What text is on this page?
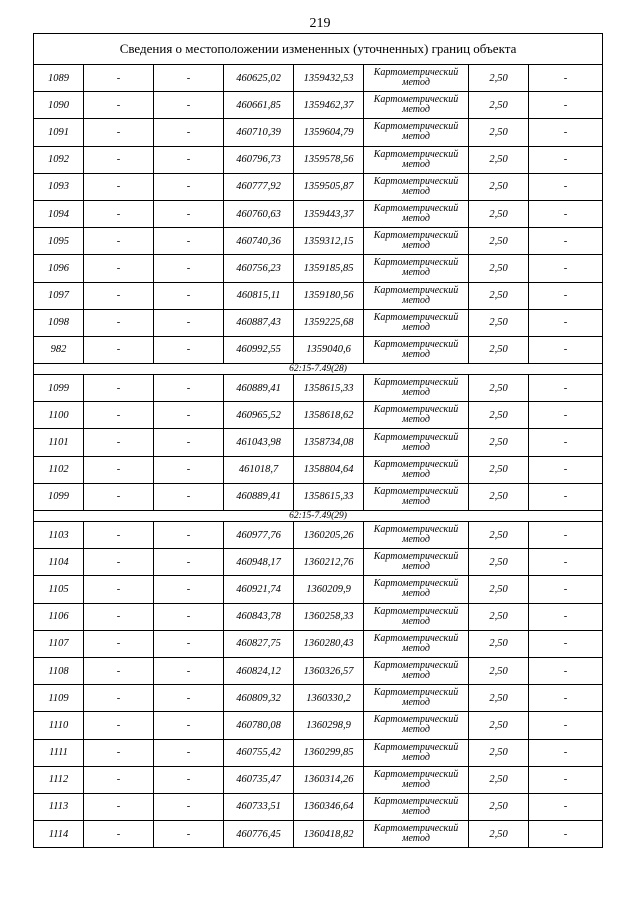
219
Сведения о местоположении измененных (уточненных) границ объекта							
1089	-	-	460625,02	1359432,53	Картометрический метод	2,50	-
1090	-	-	460661,85	1359462,37	Картометрический метод	2,50	-
1091	-	-	460710,39	1359604,79	Картометрический метод	2,50	-
1092	-	-	460796,73	1359578,56	Картометрический метод	2,50	-
1093	-	-	460777,92	1359505,87	Картометрический метод	2,50	-
1094	-	-	460760,63	1359443,37	Картометрический метод	2,50	-
1095	-	-	460740,36	1359312,15	Картометрический метод	2,50	-
1096	-	-	460756,23	1359185,85	Картометрический метод	2,50	-
1097	-	-	460815,11	1359180,56	Картометрический метод	2,50	-
1098	-	-	460887,43	1359225,68	Картометрический метод	2,50	-
982	-	-	460992,55	1359040,6	Картометрический метод	2,50	-
62:15-7.49(28)							
1099	-	-	460889,41	1358615,33	Картометрический метод	2,50	-
1100	-	-	460965,52	1358618,62	Картометрический метод	2,50	-
1101	-	-	461043,98	1358734,08	Картометрический метод	2,50	-
1102	-	-	461018,7	1358804,64	Картометрический метод	2,50	-
1099	-	-	460889,41	1358615,33	Картометрический метод	2,50	-
62:15-7.49(29)							
1103	-	-	460977,76	1360205,26	Картометрический метод	2,50	-
1104	-	-	460948,17	1360212,76	Картометрический метод	2,50	-
1105	-	-	460921,74	1360209,9	Картометрический метод	2,50	-
1106	-	-	460843,78	1360258,33	Картометрический метод	2,50	-
1107	-	-	460827,75	1360280,43	Картометрический метод	2,50	-
1108	-	-	460824,12	1360326,57	Картометрический метод	2,50	-
1109	-	-	460809,32	1360330,2	Картометрический метод	2,50	-
1110	-	-	460780,08	1360298,9	Картометрический метод	2,50	-
1111	-	-	460755,42	1360299,85	Картометрический метод	2,50	-
1112	-	-	460735,47	1360314,26	Картометрический метод	2,50	-
1113	-	-	460733,51	1360346,64	Картометрический метод	2,50	-
1114	-	-	460776,45	1360418,82	Картометрический метод	2,50	-
